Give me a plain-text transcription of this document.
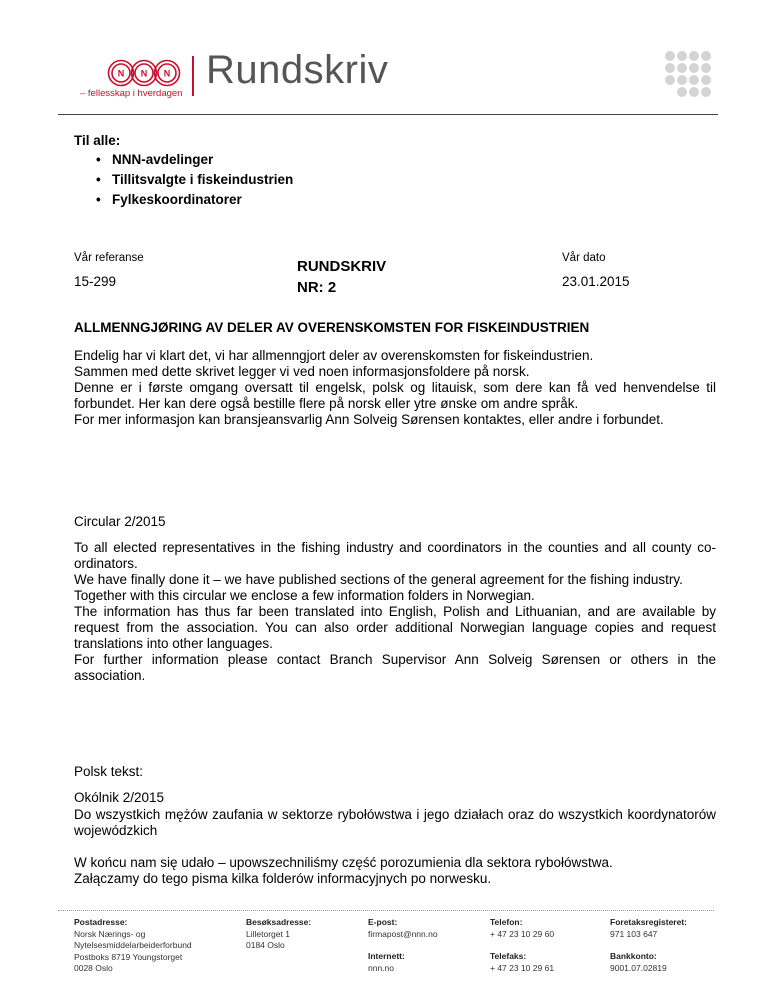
N N N
– fellesskap i hverdagen
Rundskriv
Til alle:
• NNN-avdelinger
• Tillitsvalgte i fiskeindustrien
• Fylkeskoordinatorer
Vår referanse
15-299
RUNDSKRIV
NR: 2
Vår dato
23.01.2015
ALLMENNGJØRING AV DELER AV OVERENSKOMSTEN FOR FISKEINDUSTRIEN

Endelig har vi klart det, vi har allmenngjort deler av overenskomsten for fiskeindustrien.

Sammen med dette skrivet legger vi ved noen informasjonsfoldere på norsk.

Denne er i første omgang oversatt til engelsk, polsk og litauisk, som dere kan få ved henvendelse til forbundet. Her kan dere også bestille flere på norsk eller ytre ønske om andre språk.

For mer informasjon kan bransjeansvarlig Ann Solveig Sørensen kontaktes, eller andre i forbundet.

Circular 2/2015

To all elected representatives in the fishing industry and coordinators in the counties and all county co-ordinators.

We have finally done it – we have published sections of the general agreement for the fishing industry.

Together with this circular we enclose a few information folders in Norwegian.

The information has thus far been translated into English, Polish and Lithuanian, and are available by request from the association. You can also order additional Norwegian language copies and request translations into other languages.

For further information please contact Branch Supervisor Ann Solveig Sørensen or others in the association.

Polsk tekst:
Okólnik 2/2015

Do wszystkich mężów zaufania w sektorze rybołówstwa i jego działach oraz do wszystkich koordynatorów wojewódzkich

W końcu nam się udało – upowszechniliśmy część porozumienia dla sektora rybołówstwa.

Załączamy do tego pisma kilka folderów informacyjnych po norwesku.

Postadresse:
Norsk Nærings- og
Nytelsesmiddelarbeiderforbund
Postboks 8719 Youngstorget
0028 Oslo
Besøksadresse:
Lilletorget 1
0184 Oslo
E-post:
firmapost@nnn.no
Internett:
nnn.no
Telefon:
+ 47 23 10 29 60
Telefaks:
+ 47 23 10 29 61
Foretaksregisteret:
971 103 647
Bankkonto:
9001.07.02819
